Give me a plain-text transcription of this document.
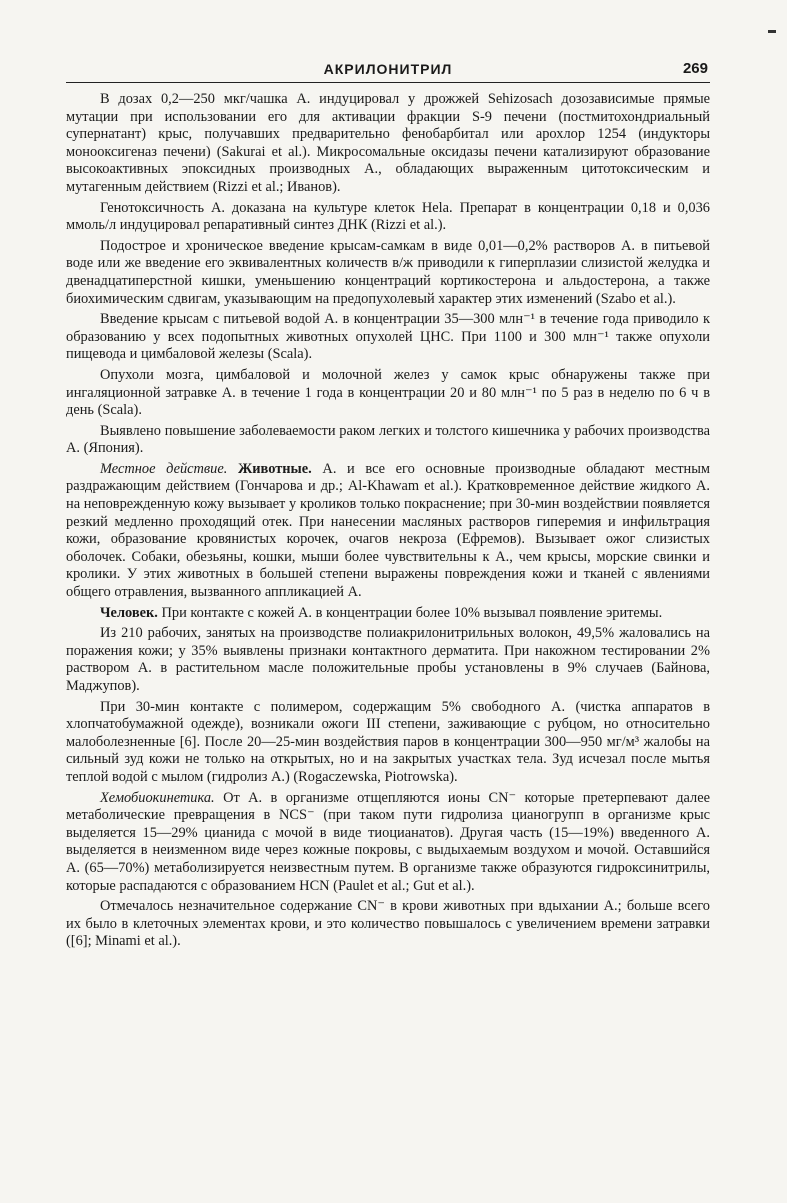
АКРИЛОНИТРИЛ	269

В дозах 0,2—250 мкг/чашка А. индуцировал у дрожжей Sehizosach дозозависимые прямые мутации при использовании его для активации фракции S-9 печени (постмитохондриальный супернатант) крыс, получавших предварительно фенобарбитал или арохлор 1254 (индукторы монооксигеназ печени) (Sakurai et al.). Микросомальные оксидазы печени катализируют образование высокоактивных эпоксидных производных А., обладающих выраженным цитотоксическим и мутагенным действием (Rizzi et al.; Иванов).

Генотоксичность А. доказана на культуре клеток Hela. Препарат в концентрации 0,18 и 0,036 ммоль/л индуцировал репаративный синтез ДНК (Rizzi et al.).

Подострое и хроническое введение крысам-самкам в виде 0,01—0,2% растворов А. в питьевой воде или же введение его эквивалентных количеств в/ж приводили к гиперплазии слизистой желудка и двенадцатиперстной кишки, уменьшению концентраций кортикостерона и альдостерона, а также биохимическим сдвигам, указывающим на предопухолевый характер этих изменений (Szabo et al.).

Введение крысам с питьевой водой А. в концентрации 35—300 млн⁻¹ в течение года приводило к образованию у всех подопытных животных опухолей ЦНС. При 1100 и 300 млн⁻¹ также опухоли пищевода и цимбаловой железы (Scala).

Опухоли мозга, цимбаловой и молочной желез у самок крыс обнаружены также при ингаляционной затравке А. в течение 1 года в концентрации 20 и 80 млн⁻¹ по 5 раз в неделю по 6 ч в день (Scala).

Выявлено повышение заболеваемости раком легких и толстого кишечника у рабочих производства А. (Япония).

Местное действие. Животные. А. и все его основные производные обладают местным раздражающим действием (Гончарова и др.; Al-Khawam et al.). Кратковременное действие жидкого А. на неповрежденную кожу вызывает у кроликов только покраснение; при 30-мин воздействии появляется резкий медленно проходящий отек. При нанесении масляных растворов гиперемия и инфильтрация кожи, образование кровянистых корочек, очагов некроза (Ефремов). Вызывает ожог слизистых оболочек. Собаки, обезьяны, кошки, мыши более чувствительны к А., чем крысы, морские свинки и кролики. У этих животных в большей степени выражены повреждения кожи и тканей с явлениями общего отравления, вызванного аппликацией А.

Человек. При контакте с кожей А. в концентрации более 10% вызывал появление эритемы.

Из 210 рабочих, занятых на производстве полиакрилонитрильных волокон, 49,5% жаловались на поражения кожи; у 35% выявлены признаки контактного дерматита. При накожном тестировании 2% раствором А. в растительном масле положительные пробы установлены в 9% случаев (Байнова, Маджупов).

При 30-мин контакте с полимером, содержащим 5% свободного А. (чистка аппаратов в хлопчатобумажной одежде), возникали ожоги III степени, заживающие с рубцом, но относительно малоболезненные [6]. После 20—25-мин воздействия паров в концентрации 300—950 мг/м³ жалобы на сильный зуд кожи не только на открытых, но и на закрытых участках тела. Зуд исчезал после мытья теплой водой с мылом (гидролиз А.) (Rogaczewska, Piotrowska).

Хемобиокинетика. От А. в организме отщепляются ионы CN⁻ которые претерпевают далее метаболические превращения в NCS⁻ (при таком пути гидролиза цианогрупп в организме крыс выделяется 15—29% цианида с мочой в виде тиоцианатов). Другая часть (15—19%) введенного А. выделяется в неизменном виде через кожные покровы, с выдыхаемым воздухом и мочой. Оставшийся А. (65—70%) метаболизируется неизвестным путем. В организме также образуются гидроксинитрилы, которые распадаются с образованием HCN (Paulet et al.; Gut et al.).

Отмечалось незначительное содержание CN⁻ в крови животных при вдыхании А.; больше всего их было в клеточных элементах крови, и это количество повышалось с увеличением времени затравки ([6]; Minami et al.).
